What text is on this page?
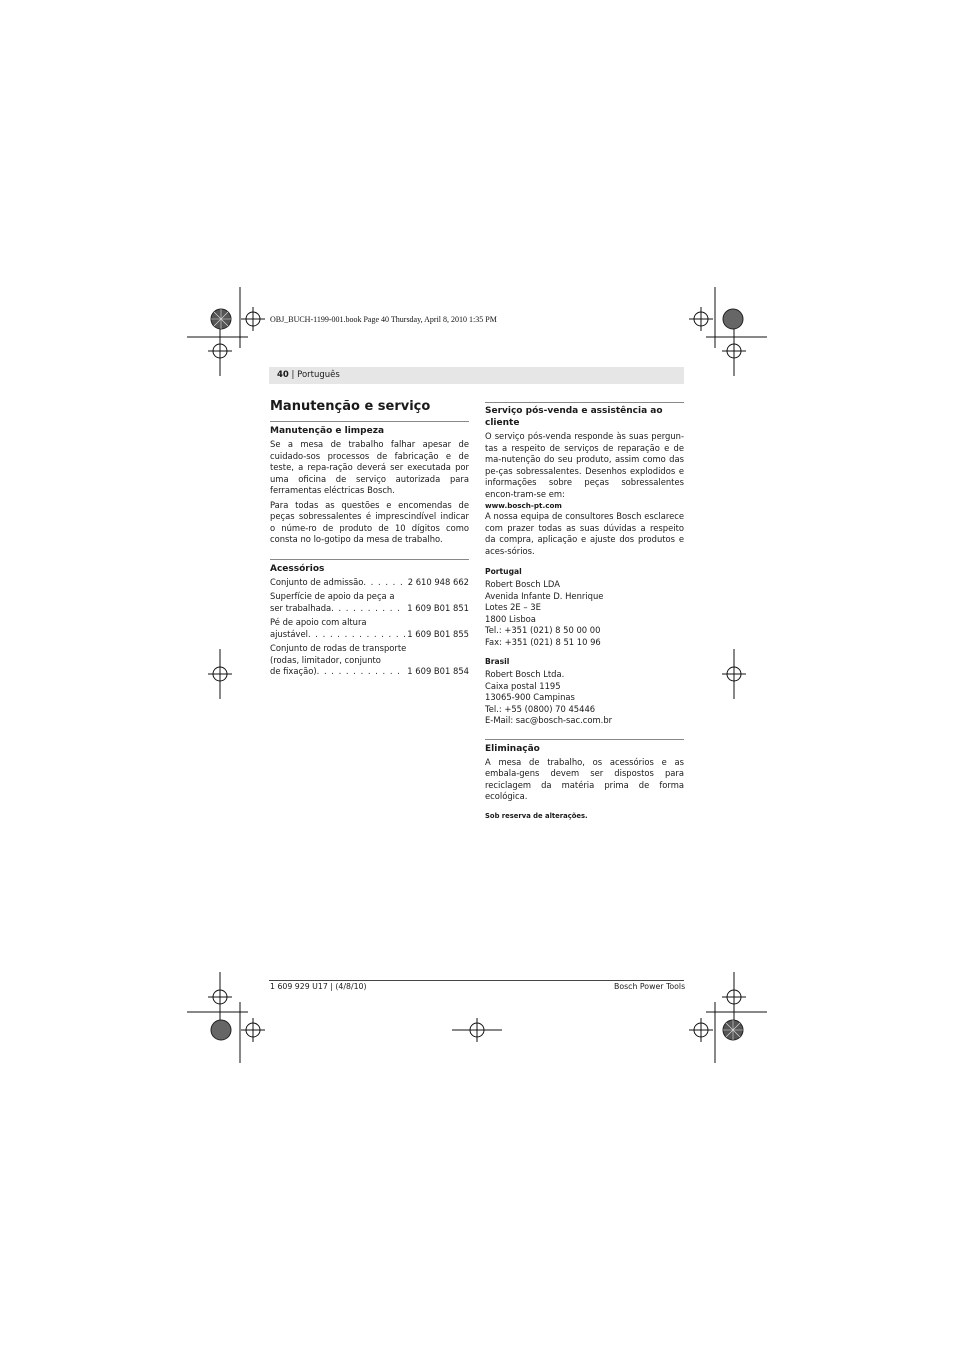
OBJ_BUCH-1199-001.book Page 40 Thursday, April 8, 2010 1:35 PM
40 | Português
Manutenção e serviço
Manutenção e limpeza

Se a mesa de trabalho falhar apesar de cuidado-sos processos de fabricação e de teste, a repa-ração deverá ser executada por uma oficina de serviço autorizada para ferramentas eléctricas Bosch.

Para todas as questões e encomendas de peças sobressalentes é imprescindível indicar o núme-ro de produto de 10 dígitos como consta no lo-gotipo da mesa de trabalho.

Acessórios
Conjunto de admissão . . .	2 610 948 662
Superfície de apoio da peça a
ser trabalhada . . .	1 609 B01 851
Pé de apoio com altura
ajustável . . .	1 609 B01 855
Conjunto de rodas de transporte
(rodas, limitador, conjunto
de fixação) . . .	1 609 B01 854
Serviço pós-venda e assistência ao cliente

O serviço pós-venda responde às suas pergun-tas a respeito de serviços de reparação e de ma-nutenção do seu produto, assim como das pe-ças sobressalentes. Desenhos explodidos e informações sobre peças sobressalentes encon-tram-se em:

www.bosch-pt.com

A nossa equipa de consultores Bosch esclarece com prazer todas as suas dúvidas a respeito da compra, aplicação e ajuste dos produtos e aces-sórios.

Portugal
Robert Bosch LDA
Avenida Infante D. Henrique
Lotes 2E – 3E
1800 Lisboa
Tel.: +351 (021) 8 50 00 00
Fax: +351 (021) 8 51 10 96
Brasil
Robert Bosch Ltda.
Caixa postal 1195
13065-900 Campinas
Tel.: +55 (0800) 70 45446
E-Mail: sac@bosch-sac.com.br
Eliminação

A mesa de trabalho, os acessórios e as embala-gens devem ser dispostos para reciclagem da matéria prima de forma ecológica.

Sob reserva de alterações.
1 609 929 U17 | (4/8/10)	Bosch Power Tools
